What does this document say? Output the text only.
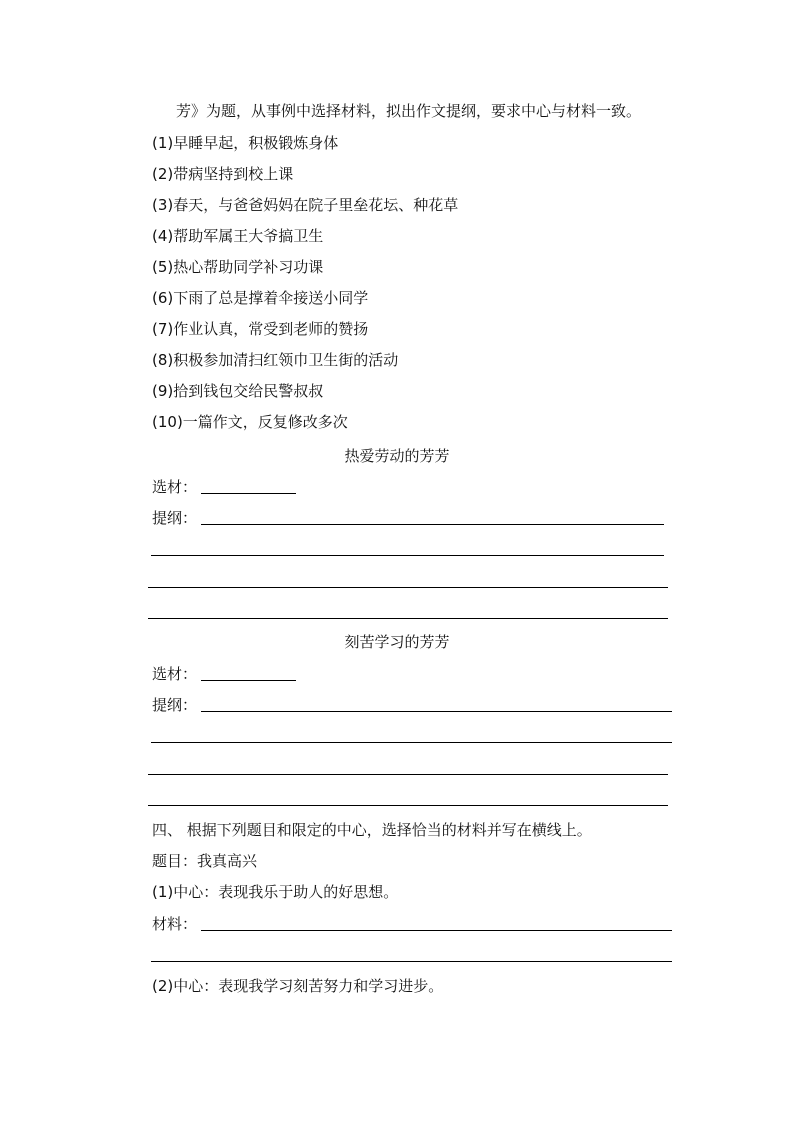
芳》为题，从事例中选择材料，拟出作文提纲，要求中心与材料一致。
(1)早睡早起，积极锻炼身体
(2)带病坚持到校上课
(3)春天，与爸爸妈妈在院子里垒花坛、种花草
(4)帮助军属王大爷搞卫生
(5)热心帮助同学补习功课
(6)下雨了总是撑着伞接送小同学
(7)作业认真，常受到老师的赞扬
(8)积极参加清扫红领巾卫生街的活动
(9)拾到钱包交给民警叔叔
(10)一篇作文，反复修改多次
热爱劳动的芳芳
选材：
提纲：
刻苦学习的芳芳
选材：
提纲：
四、 根据下列题目和限定的中心，选择恰当的材料并写在横线上。
题目：我真高兴
(1)中心：表现我乐于助人的好思想。
材料：
(2)中心：表现我学习刻苦努力和学习进步。
